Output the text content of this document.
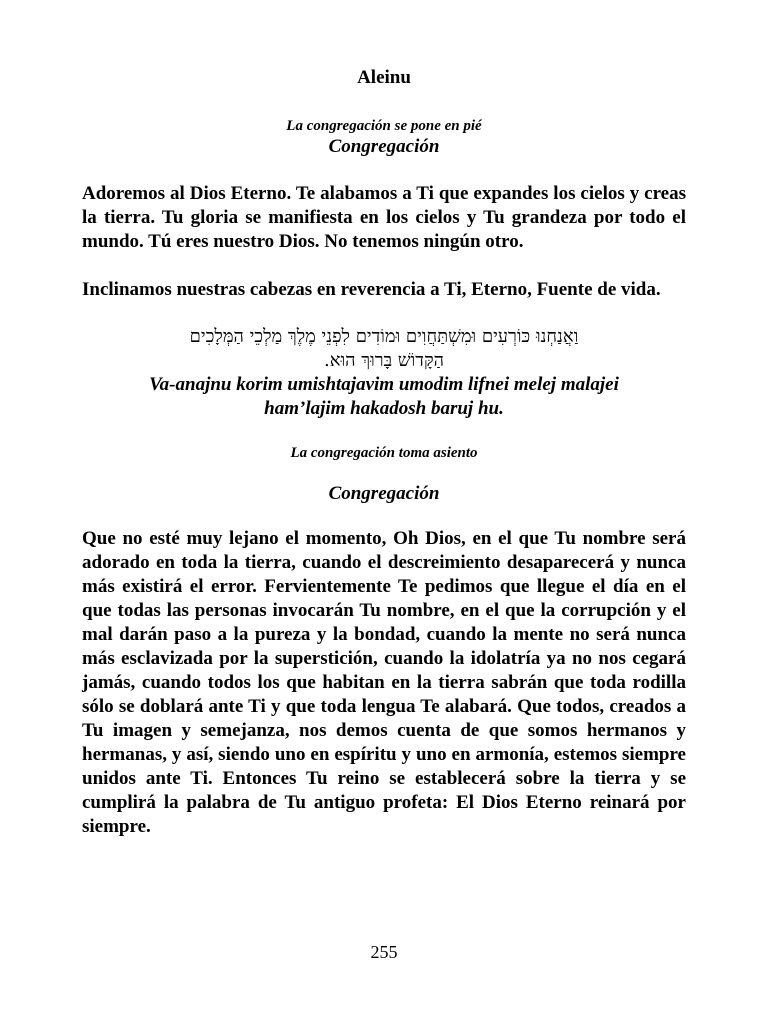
Aleinu

La congregación se pone en pié

Congregación

Adoremos al Dios Eterno. Te alabamos a Ti que expandes los cielos y creas la tierra. Tu gloria se manifiesta en los cielos y Tu grandeza por todo el mundo. Tú eres nuestro Dios. No tenemos ningún otro.

Inclinamos nuestras cabezas en reverencia a Ti, Eterno, Fuente de vida.

וַאֲנַחְנוּ כּוֹרְעִים וּמִשְׁתַּחֲוִים וּמוֹדִים לִפְנֵי מֶלֶךְ מַלְכֵי הַמְּלָכִים

הַקָּדוֹשׁ בָּרוּךְ הוּא.

Va-anajnu korim umishtajavim umodim lifnei melej malajei

ham’lajim hakadosh baruj hu.

La congregación toma asiento

Congregación

Que no esté muy lejano el momento, Oh Dios, en el que Tu nombre será adorado en toda la tierra, cuando el descreimiento desaparecerá y nunca más existirá el error. Fervientemente Te pedimos que llegue el día en el que todas las personas invocarán Tu nombre, en el que la corrupción y el mal darán paso a la pureza y la bondad, cuando la mente no será nunca más esclavizada por la superstición, cuando la idolatría ya no nos cegará jamás, cuando todos los que habitan en la tierra sabrán que toda rodilla sólo se doblará ante Ti y que toda lengua Te alabará. Que todos, creados a Tu imagen y semejanza, nos demos cuenta de que somos hermanos y hermanas, y así, siendo uno en espíritu y uno en armonía, estemos siempre unidos ante Ti. Entonces Tu reino se establecerá sobre la tierra y se cumplirá la palabra de Tu antiguo profeta: El Dios Eterno reinará por siempre.

255
